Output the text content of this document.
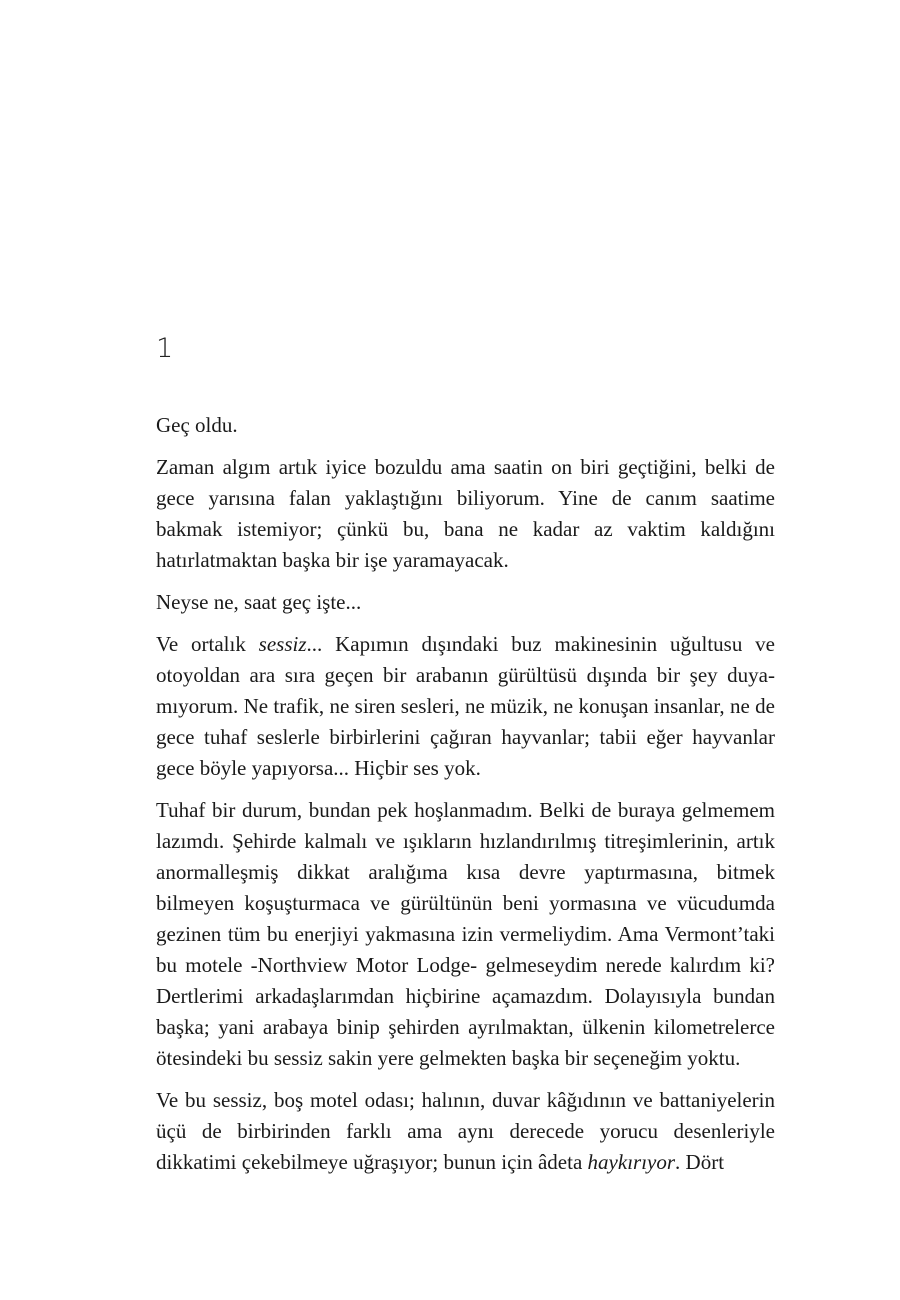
1

Geç oldu.

Zaman algım artık iyice bozuldu ama saatin on biri geçtiğini, belki de gece yarısına falan yaklaştığını biliyorum. Yine de canım saatime bakmak istemiyor; çünkü bu, bana ne kadar az vaktim kaldığını hatırlatmaktan başka bir işe yaramayacak.

Neyse ne, saat geç işte...

Ve ortalık sessiz... Kapımın dışındaki buz makinesinin uğultusu ve otoyoldan ara sıra geçen bir arabanın gürültüsü dışında bir şey duyamıyorum. Ne trafik, ne siren sesleri, ne müzik, ne konuşan insanlar, ne de gece tuhaf seslerle birbirlerini çağıran hayvanlar; tabii eğer hayvanlar gece böyle yapıyorsa... Hiçbir ses yok.

Tuhaf bir durum, bundan pek hoşlanmadım. Belki de buraya gelmemem lazımdı. Şehirde kalmalı ve ışıkların hızlandırılmış titreşimlerinin, artık anormalleşmiş dikkat aralığıma kısa devre yaptırmasına, bitmek bilmeyen koşuşturmaca ve gürültünün beni yormasına ve vücudumda gezinen tüm bu enerjiyi yakmasına izin vermeliydim. Ama Vermont’taki bu motele -Northview Motor Lodge- gelmeseydim nerede kalırdım ki? Dertlerimi arkadaşlarımdan hiçbirine açamazdım. Dolayısıyla bundan başka; yani arabaya binip şehirden ayrılmaktan, ülkenin kilometrelerce ötesindeki bu sessiz sakin yere gelmekten başka bir seçeneğim yoktu.

Ve bu sessiz, boş motel odası; halının, duvar kâğıdının ve battaniyelerin üçü de birbirinden farklı ama aynı derecede yorucu desenleriyle dikkatimi çekebilmeye uğraşıyor; bunun için âdeta haykırıyor. Dört
